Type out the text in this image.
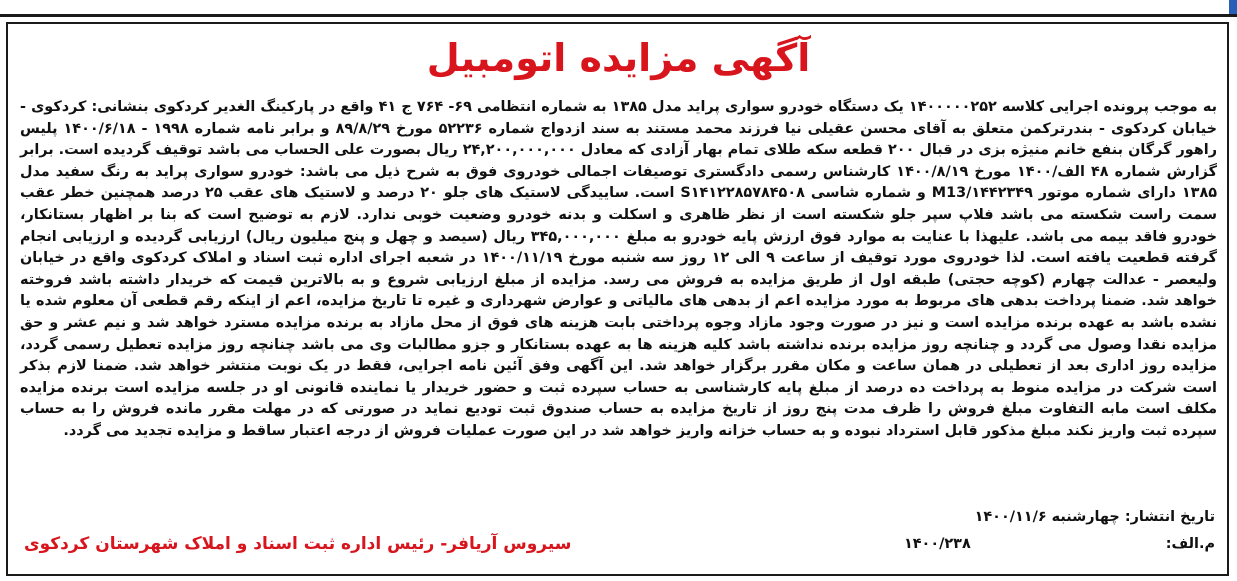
آگهی مزایده اتومبیل
به موجب پرونده اجرایی کلاسه ۱۴۰۰۰۰۰۲۵۲ یک دستگاه خودرو سواری پراید مدل ۱۳۸۵ به شماره انتظامی ۶۹- ۷۶۴ ج ۴۱ واقع در پارکینگ الغدیر کردکوی بنشانی: کردکوی - خیابان کردکوی - بندرترکمن متعلق به آقای محسن عقیلی نیا فرزند محمد مستند به سند ازدواج شماره ۵۲۲۳۶ مورخ ۸۹/۸/۲۹ و برابر نامه شماره ۱۹۹۸ - ۱۴۰۰/۶/۱۸ پلیس راهور گرگان بنفع خانم منیژه بزی در قبال ۲۰۰ قطعه سکه طلای تمام بهار آزادی که معادل ۲۴,۲۰۰,۰۰۰,۰۰۰ ریال بصورت علی الحساب می باشد توقیف گردیده است. برابر گزارش شماره ۴۸ الف/۱۴۰۰ مورخ ۱۴۰۰/۸/۱۹ کارشناس رسمی دادگستری توصیفات اجمالی خودروی فوق به شرح ذیل می باشد: خودرو سواری پراید به رنگ سفید مدل ۱۳۸۵ دارای شماره موتور M13/۱۴۴۲۳۴۹ و شماره شاسی S۱۴۱۲۲۸۵۷۸۴۵۰۸ است. ساییدگی لاستیک های جلو ۲۰ درصد و لاستیک های عقب ۲۵ درصد همچنین خطر عقب سمت راست شکسته می باشد فلاپ سپر جلو شکسته است از نظر ظاهری و اسکلت و بدنه خودرو وضعیت خوبی ندارد. لازم به توضیح است که بنا بر اظهار بستانکار، خودرو فاقد بیمه می باشد. علیهذا با عنایت به موارد فوق ارزش پایه خودرو به مبلغ ۳۴۵,۰۰۰,۰۰۰ ریال (سیصد و چهل و پنج میلیون ریال) ارزیابی گردیده و ارزیابی انجام گرفته قطعیت یافته است. لذا خودروی مورد توقیف از ساعت ۹ الی ۱۲ روز سه شنبه مورخ ۱۴۰۰/۱۱/۱۹ در شعبه اجرای اداره ثبت اسناد و املاک کردکوی واقع در خیابان ولیعصر - عدالت چهارم (کوچه حجتی) طبقه اول از طریق مزایده به فروش می رسد. مزایده از مبلغ ارزیابی شروع و به بالاترین قیمت که خریدار داشته باشد فروخته خواهد شد. ضمنا پرداخت بدهی های مربوط به مورد مزایده اعم از بدهی های مالیاتی و عوارض شهرداری و غیره تا تاریخ مزایده، اعم از اینکه رقم قطعی آن معلوم شده یا نشده باشد به عهده برنده مزایده است و نیز در صورت وجود مازاد وجوه پرداختی بابت هزینه های فوق از محل مازاد به برنده مزایده مسترد خواهد شد و نیم عشر و حق مزایده نقدا وصول می گردد و چنانچه روز مزایده برنده نداشته باشد کلیه هزینه ها به عهده بستانکار و جزو مطالبات وی می باشد چنانچه روز مزایده تعطیل رسمی گردد، مزایده روز اداری بعد از تعطیلی در همان ساعت و مکان مقرر برگزار خواهد شد. این آگهی وفق آئین نامه اجرایی، فقط در یک نوبت منتشر خواهد شد. ضمنا لازم بذکر است شرکت در مزایده منوط به پرداخت ده درصد از مبلغ پایه کارشناسی به حساب سپرده ثبت و حضور خریدار یا نماینده قانونی او در جلسه مزایده است برنده مزایده مکلف است مابه التفاوت مبلغ فروش را ظرف مدت پنج روز از تاریخ مزایده به حساب صندوق ثبت تودیع نماید در صورتی که در مهلت مقرر مانده فروش را به حساب سپرده ثبت واریز نکند مبلغ مذکور قابل استرداد نبوده و به حساب خزانه واریز خواهد شد در این صورت عملیات فروش از درجه اعتبار ساقط و مزایده تجدید می گردد.
تاریخ انتشار: چهارشنبه ۱۴۰۰/۱۱/۶
م.الف: ۱۴۰۰/۲۳۸
سیروس آریافر- رئیس اداره ثبت اسناد و املاک شهرستان کردکوی
